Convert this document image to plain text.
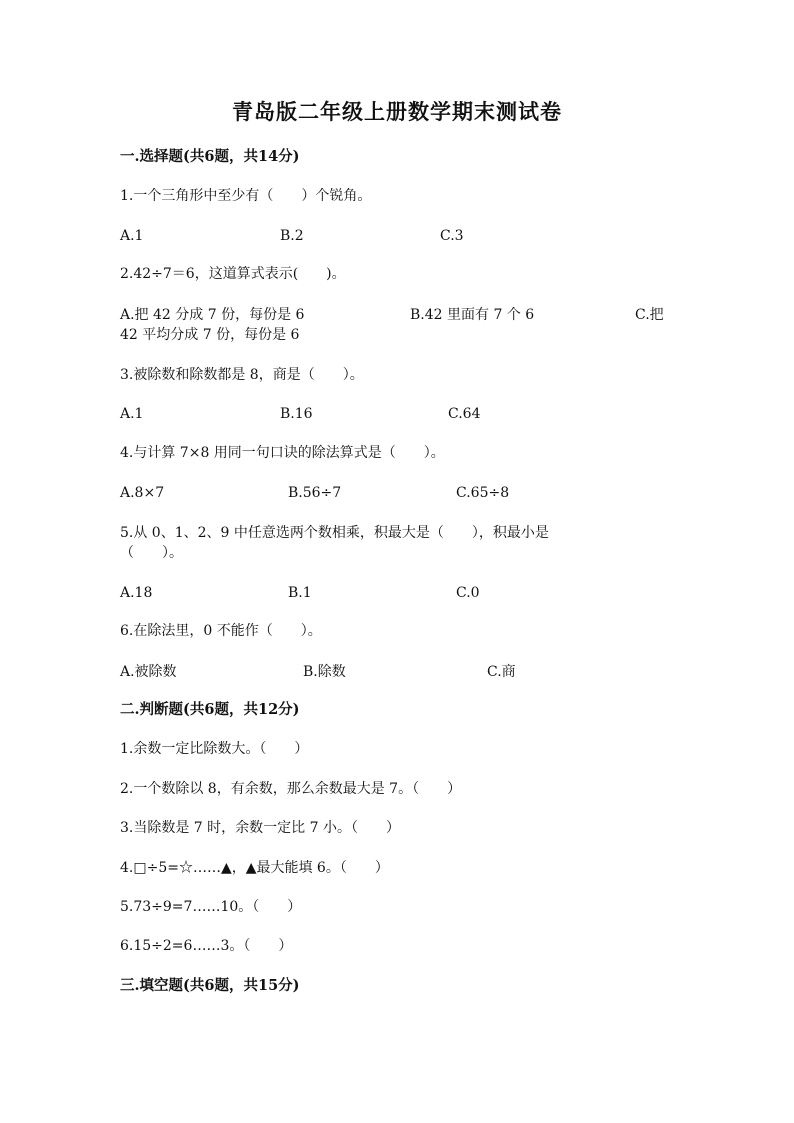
青岛版二年级上册数学期末测试卷
一.选择题(共6题，共14分)
1.一个三角形中至少有（　　）个锐角。
A.1	B.2	C.3
2.42÷7＝6，这道算式表示(　　)。
A.把 42 分成 7 份，每份是 6	B.42 里面有 7 个 6	C.把
42 平均分成 7 份，每份是 6
3.被除数和除数都是 8，商是（　　）。
A.1	B.16	C.64
4.与计算 7×8 用同一句口诀的除法算式是（　　）。
A.8×7	B.56÷7	C.65÷8
5.从 0、1、2、9 中任意选两个数相乘，积最大是（　　），积最小是
（　　）。
A.18	B.1	C.0
6.在除法里，0 不能作（　　）。
A.被除数	B.除数	C.商
二.判断题(共6题，共12分)
1.余数一定比除数大。（　　）
2.一个数除以 8，有余数，那么余数最大是 7。（　　）
3.当除数是 7 时，余数一定比 7 小。（　　）
4.□÷5=☆……▲，▲最大能填 6。（　　）
5.73÷9=7……10。（　　）
6.15÷2=6……3。（　　）
三.填空题(共6题，共15分)
